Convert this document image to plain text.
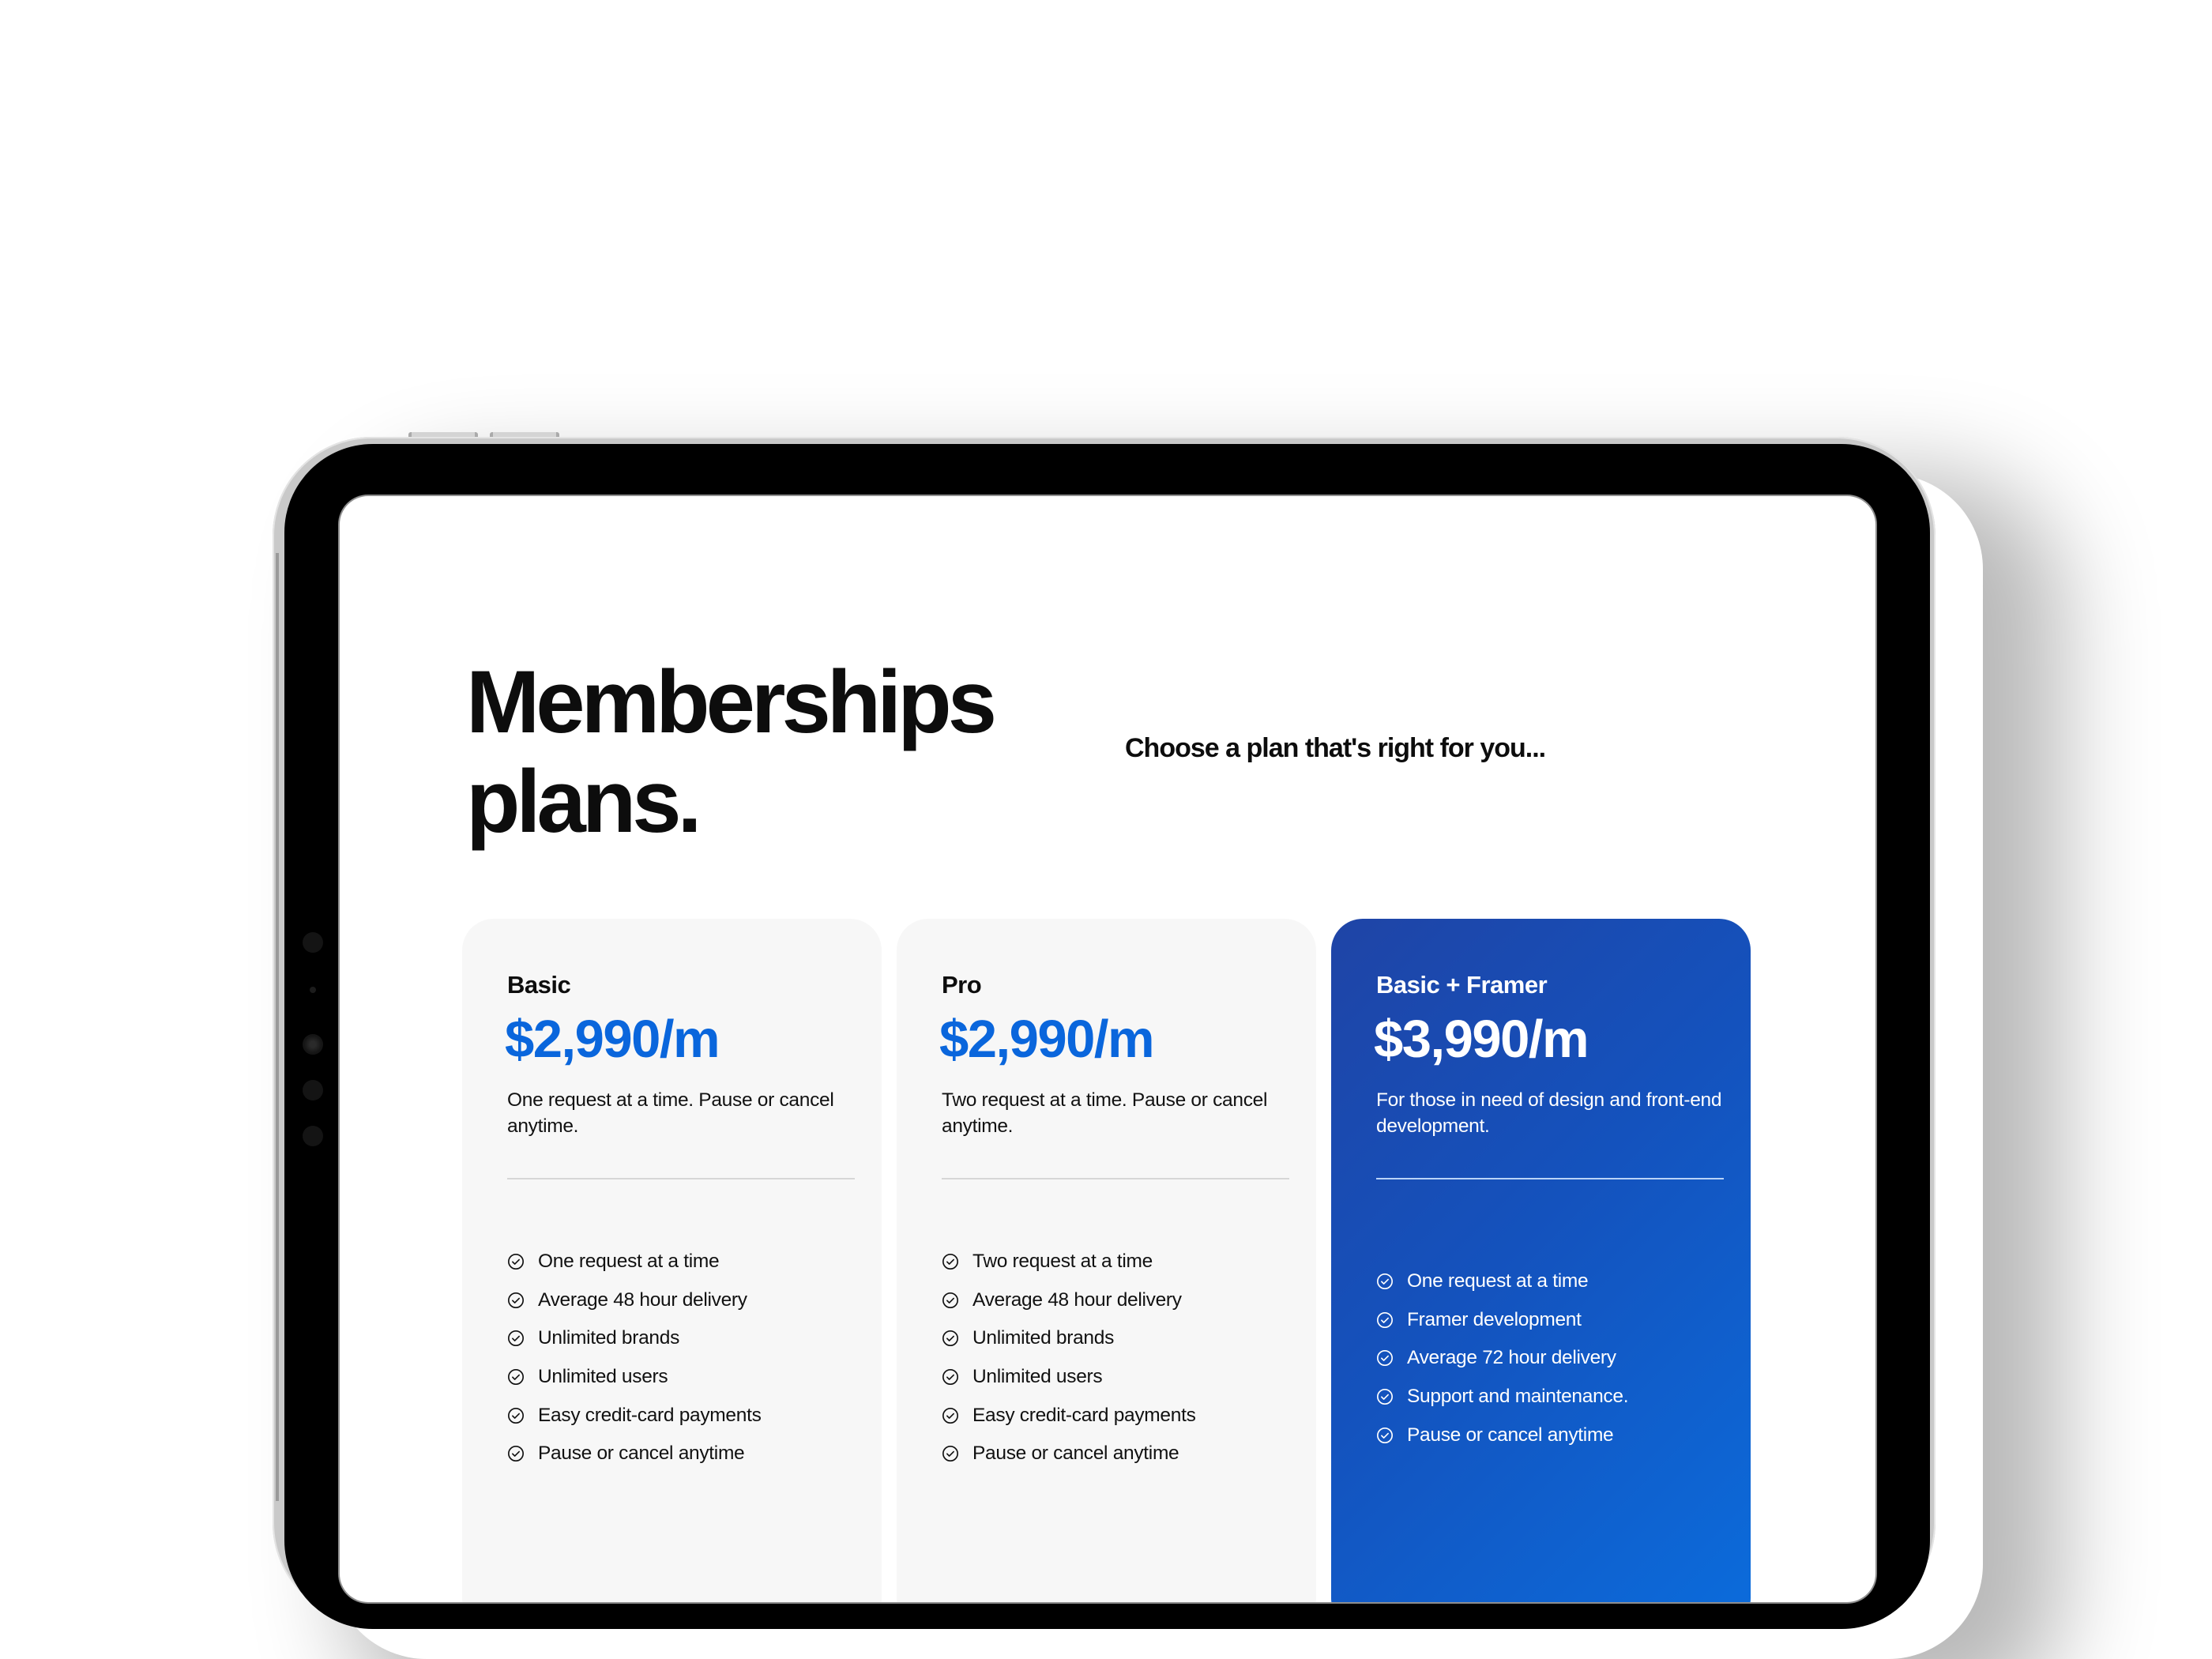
Memberships plans.

Choose a plan that's right for you...

Basic

$2,990/m

One request at a time. Pause or cancel anytime.

One request at a time
Average 48 hour delivery
Unlimited brands
Unlimited users
Easy credit-card payments
Pause or cancel anytime

Pro

$2,990/m

Two request at a time. Pause or cancel anytime.

Two request at a time
Average 48 hour delivery
Unlimited brands
Unlimited users
Easy credit-card payments
Pause or cancel anytime

Basic + Framer

$3,990/m

For those in need of design and front-end development.

One request at a time
Framer development
Average 72 hour delivery
Support and maintenance.
Pause or cancel anytime
